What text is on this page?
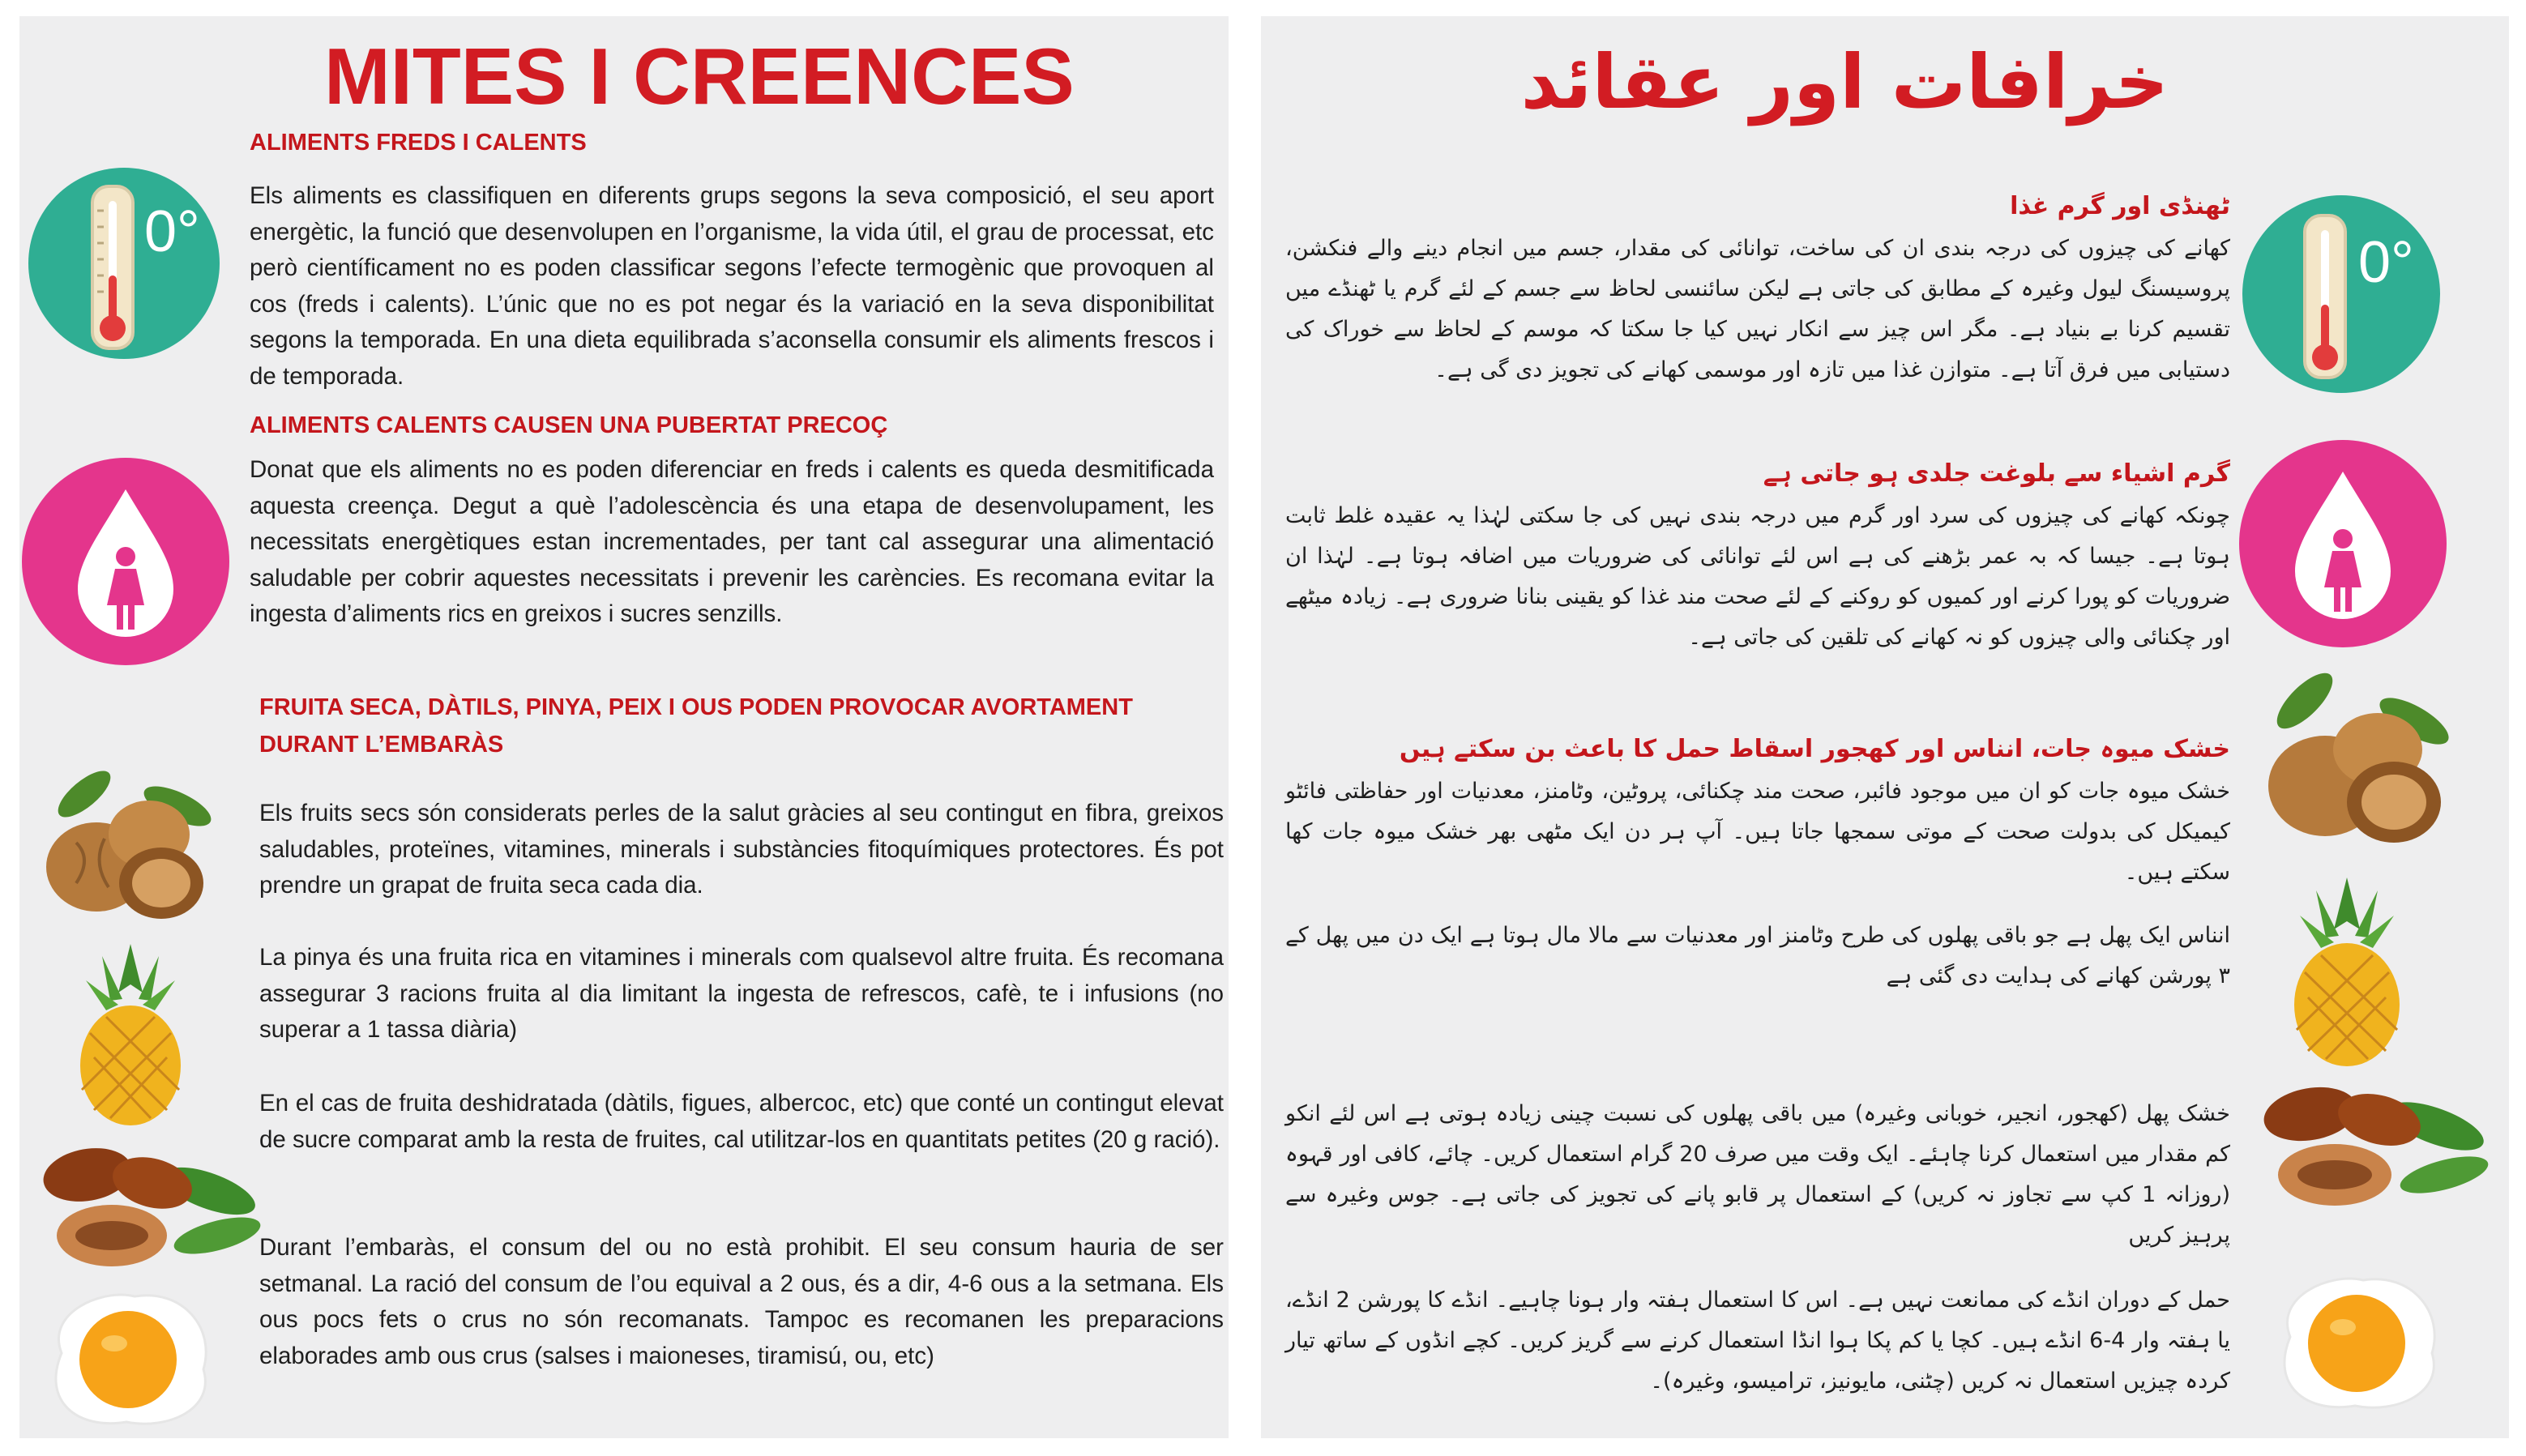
MITES I CREENCES
0°
ALIMENTS FREDS I CALENTS

Els aliments es classifiquen en diferents grups segons la seva composició, el seu aport energètic, la funció que desenvolupen en l’organisme, la vida útil, el grau de processat, etc però científicament no es poden classificar segons l’efecte termogènic que provoquen al cos (freds i calents). L’únic que no es pot negar és la variació en la seva disponibilitat segons la temporada. En una dieta equilibrada s’aconsella consumir els aliments frescos i de temporada.

ALIMENTS CALENTS CAUSEN UNA PUBERTAT PRECOÇ

Donat que els aliments no es poden diferenciar en freds i calents es queda desmitificada aquesta creença. Degut a què l’adolescència és una etapa de desenvolupament, les necessitats energètiques estan incrementades, per tant cal assegurar una alimentació saludable per cobrir aquestes necessitats i prevenir les carències. Es recomana evitar la ingesta d’aliments rics en greixos i sucres senzills.

FRUITA SECA, DÀTILS, PINYA, PEIX I OUS PODEN PROVOCAR AVORTAMENT DURANT L’EMBARÀS

Els fruits secs són considerats perles de la salut gràcies al seu contingut en fibra, greixos saludables, proteïnes, vitamines, minerals i substàncies fitoquímiques protectores. És pot prendre un grapat de fruita seca cada dia.

La pinya és una fruita rica en vitamines i minerals com qualsevol altre fruita. És recomana assegurar 3 racions fruita al dia limitant la ingesta de refrescos, cafè, te i infusions (no superar a 1 tassa diària)

En el cas de fruita deshidratada (dàtils, figues, albercoc, etc) que conté un contingut elevat de sucre comparat amb la resta de fruites, cal utilitzar-los en quantitats petites (20 g ració).

Durant l’embaràs, el consum del ou no està prohibit. El seu consum hauria de ser setmanal. La ració del consum de l’ou equival a 2 ous, és a dir, 4-6 ous a la setmana. Els ous pocs fets o crus no són recomanats. Tampoc es recomanen les preparacions elaborades amb ous crus (salses i maioneses, tiramisú, ou, etc)

خرافات اور عقائد
0°
ٹھنڈی اور گرم غذا

کھانے کی چیزوں کی درجہ بندی ان کی ساخت، توانائی کی مقدار، جسم میں انجام دینے والے فنکشن، پروسیسنگ لیول وغیرہ کے مطابق کی جاتی ہے لیکن سائنسی لحاظ سے جسم کے لئے گرم یا ٹھنڈے میں تقسیم کرنا بے بنیاد ہے۔ مگر اس چیز سے انکار نہیں کیا جا سکتا کہ موسم کے لحاظ سے خوراک کی دستیابی میں فرق آتا ہے۔ متوازن غذا میں تازہ اور موسمی کھانے کی تجویز دی گی ہے۔

گرم اشیاء سے بلوغت جلدی ہو جاتی ہے

چونکہ کھانے کی چیزوں کی سرد اور گرم میں درجہ بندی نہیں کی جا سکتی لہٰذا یہ عقیدہ غلط ثابت ہوتا ہے۔ جیسا کہ بہ عمر بڑھنے کی ہے اس لئے توانائی کی ضروریات میں اضافہ ہوتا ہے۔ لہٰذا ان ضروریات کو پورا کرنے اور کمیوں کو روکنے کے لئے صحت مند غذا کو یقینی بنانا ضروری ہے۔ زیادہ میٹھے اور چکنائی والی چیزوں کو نہ کھانے کی تلقین کی جاتی ہے۔

خشک میوہ جات، انناس اور کھجور اسقاط حمل کا باعث بن سکتے ہیں

خشک میوہ جات کو ان میں موجود فائبر، صحت مند چکنائی، پروٹین، وٹامنز، معدنیات اور حفاظتی فائٹو کیمیکل کی بدولت صحت کے موتی سمجھا جاتا ہیں۔ آپ ہر دن ایک مٹھی بھر خشک میوہ جات کھا سکتے ہیں۔

انناس ایک پھل ہے جو باقی پھلوں کی طرح وٹامنز اور معدنیات سے مالا مال ہوتا ہے ایک دن میں پھل کے ۳ پورشن کھانے کی ہدایت دی گئی ہے

خشک پھل (کھجور، انجیر، خوبانی وغیرہ) میں باقی پھلوں کی نسبت چینی زیادہ ہوتی ہے اس لئے انکو کم مقدار میں استعمال کرنا چاہئے۔ ایک وقت میں صرف 20 گرام استعمال کریں۔ چائے، کافی اور قہوہ (روزانہ 1 کپ سے تجاوز نہ کریں) کے استعمال پر قابو پانے کی تجویز کی جاتی ہے۔ جوس وغیرہ سے پرہیز کریں

حمل کے دوران انڈے کی ممانعت نہیں ہے۔ اس کا استعمال ہفتہ وار ہونا چاہیے۔ انڈے کا پورشن 2 انڈے، یا ہفتہ وار 4-6 انڈے ہیں۔ کچا یا کم پکا ہوا انڈا استعمال کرنے سے گریز کریں۔ کچے انڈوں کے ساتھ تیار کردہ چیزیں استعمال نہ کریں (چٹنی، مایونیز، ترامیسو، وغیرہ)۔
